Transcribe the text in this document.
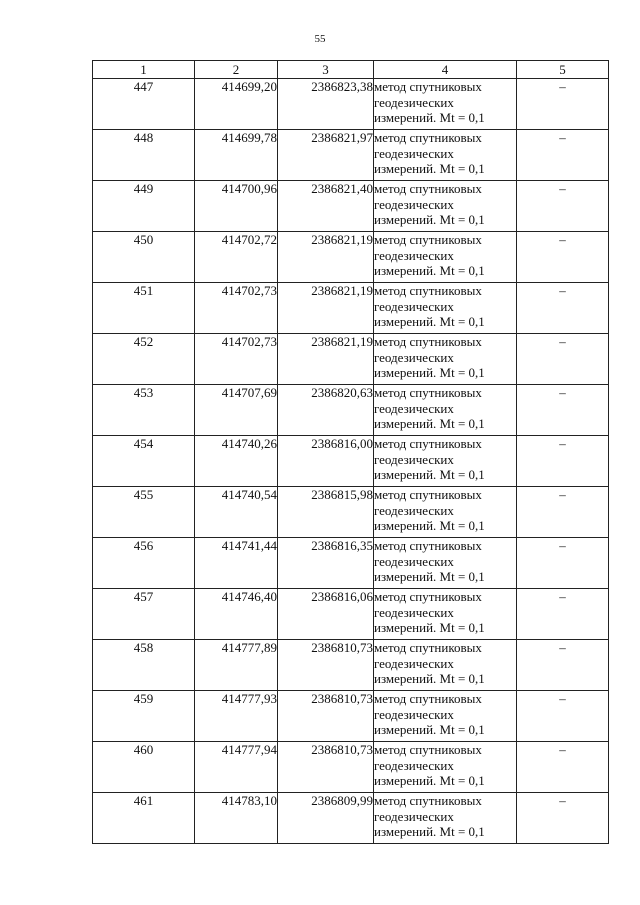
55
1	2	3	4	5
447	414699,20	2386823,38	метод спутниковых
геодезических
измерений. Mt = 0,1	–
448	414699,78	2386821,97	метод спутниковых
геодезических
измерений. Mt = 0,1	–
449	414700,96	2386821,40	метод спутниковых
геодезических
измерений. Mt = 0,1	–
450	414702,72	2386821,19	метод спутниковых
геодезических
измерений. Mt = 0,1	–
451	414702,73	2386821,19	метод спутниковых
геодезических
измерений. Mt = 0,1	–
452	414702,73	2386821,19	метод спутниковых
геодезических
измерений. Mt = 0,1	–
453	414707,69	2386820,63	метод спутниковых
геодезических
измерений. Mt = 0,1	–
454	414740,26	2386816,00	метод спутниковых
геодезических
измерений. Mt = 0,1	–
455	414740,54	2386815,98	метод спутниковых
геодезических
измерений. Mt = 0,1	–
456	414741,44	2386816,35	метод спутниковых
геодезических
измерений. Mt = 0,1	–
457	414746,40	2386816,06	метод спутниковых
геодезических
измерений. Mt = 0,1	–
458	414777,89	2386810,73	метод спутниковых
геодезических
измерений. Mt = 0,1	–
459	414777,93	2386810,73	метод спутниковых
геодезических
измерений. Mt = 0,1	–
460	414777,94	2386810,73	метод спутниковых
геодезических
измерений. Mt = 0,1	–
461	414783,10	2386809,99	метод спутниковых
геодезических
измерений. Mt = 0,1	–
